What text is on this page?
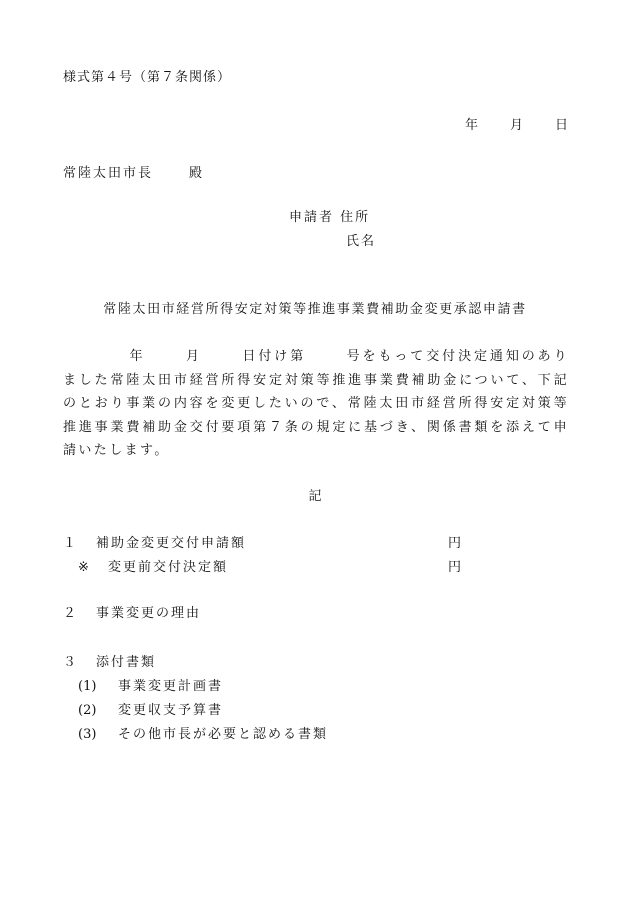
様式第４号（第７条関係）
年 月 日
常陸太田市長	殿
申請者 住所
氏名
常陸太田市経営所得安定対策等推進事業費補助金変更承認申請書
年	月	日付け第	号をもって交付決定通知のありました常陸太田市経営所得安定対策等推進事業費補助金について、下記のとおり事業の内容を変更したいので、常陸太田市経営所得安定対策等推進事業費補助金交付要項第７条の規定に基づき、関係書類を添えて申請いたします。
記
１ 補助金変更交付申請額	円
※ 変更前交付決定額	円
２ 事業変更の理由
３ 添付書類
(1) 事業変更計画書
(2) 変更収支予算書
(3) その他市長が必要と認める書類
